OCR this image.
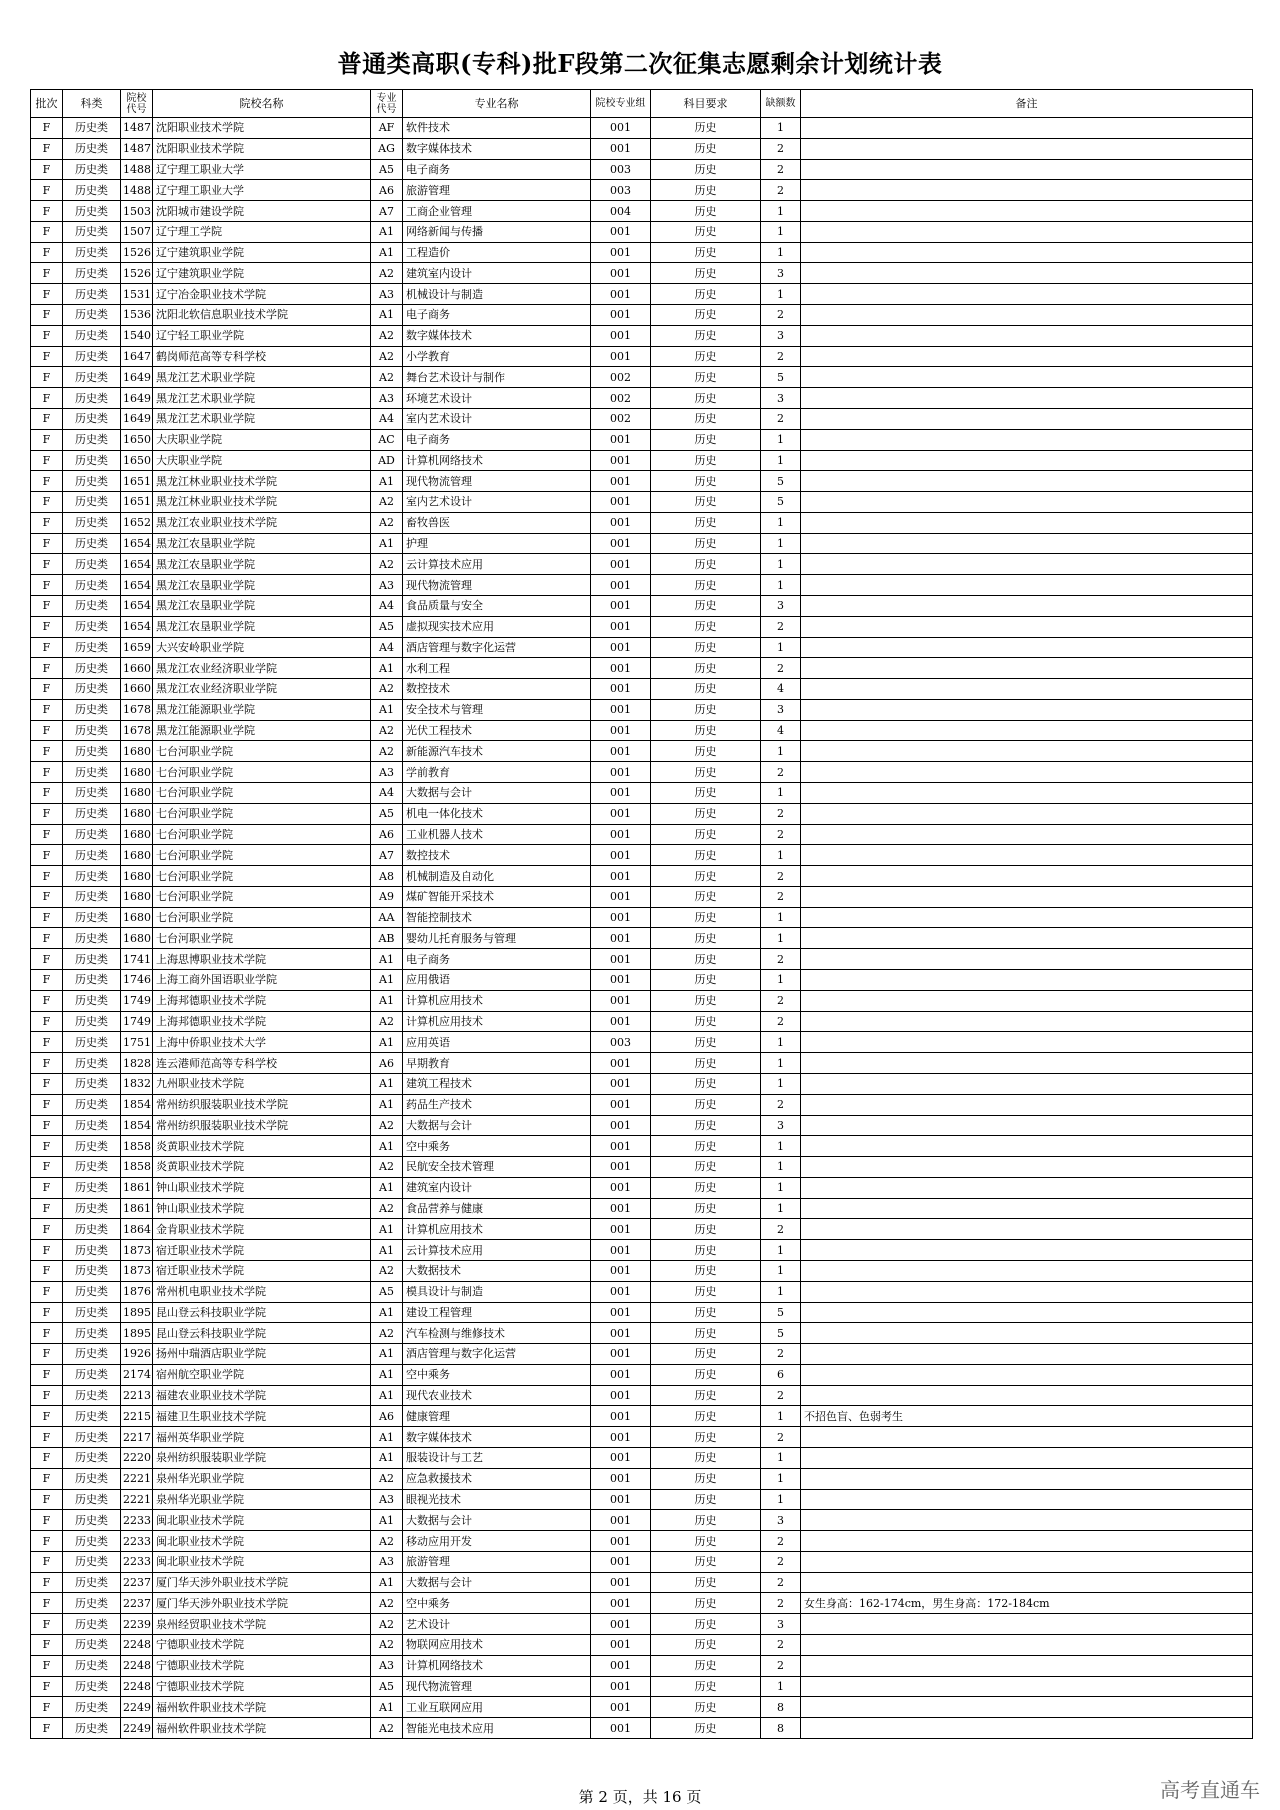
普通类高职(专科)批F段第二次征集志愿剩余计划统计表
批次	科类	院校代号	院校名称	专业代号	专业名称	院校专业组	科目要求	缺额数	备注
F	历史类	1487	沈阳职业技术学院	AF	软件技术	001	历史	1	
F	历史类	1487	沈阳职业技术学院	AG	数字媒体技术	001	历史	2	
F	历史类	1488	辽宁理工职业大学	A5	电子商务	003	历史	2	
F	历史类	1488	辽宁理工职业大学	A6	旅游管理	003	历史	2	
F	历史类	1503	沈阳城市建设学院	A7	工商企业管理	004	历史	1	
F	历史类	1507	辽宁理工学院	A1	网络新闻与传播	001	历史	1	
F	历史类	1526	辽宁建筑职业学院	A1	工程造价	001	历史	1	
F	历史类	1526	辽宁建筑职业学院	A2	建筑室内设计	001	历史	3	
F	历史类	1531	辽宁冶金职业技术学院	A3	机械设计与制造	001	历史	1	
F	历史类	1536	沈阳北软信息职业技术学院	A1	电子商务	001	历史	2	
F	历史类	1540	辽宁轻工职业学院	A2	数字媒体技术	001	历史	3	
F	历史类	1647	鹤岗师范高等专科学校	A2	小学教育	001	历史	2	
F	历史类	1649	黑龙江艺术职业学院	A2	舞台艺术设计与制作	002	历史	5	
F	历史类	1649	黑龙江艺术职业学院	A3	环境艺术设计	002	历史	3	
F	历史类	1649	黑龙江艺术职业学院	A4	室内艺术设计	002	历史	2	
F	历史类	1650	大庆职业学院	AC	电子商务	001	历史	1	
F	历史类	1650	大庆职业学院	AD	计算机网络技术	001	历史	1	
F	历史类	1651	黑龙江林业职业技术学院	A1	现代物流管理	001	历史	5	
F	历史类	1651	黑龙江林业职业技术学院	A2	室内艺术设计	001	历史	5	
F	历史类	1652	黑龙江农业职业技术学院	A2	畜牧兽医	001	历史	1	
F	历史类	1654	黑龙江农垦职业学院	A1	护理	001	历史	1	
F	历史类	1654	黑龙江农垦职业学院	A2	云计算技术应用	001	历史	1	
F	历史类	1654	黑龙江农垦职业学院	A3	现代物流管理	001	历史	1	
F	历史类	1654	黑龙江农垦职业学院	A4	食品质量与安全	001	历史	3	
F	历史类	1654	黑龙江农垦职业学院	A5	虚拟现实技术应用	001	历史	2	
F	历史类	1659	大兴安岭职业学院	A4	酒店管理与数字化运营	001	历史	1	
F	历史类	1660	黑龙江农业经济职业学院	A1	水利工程	001	历史	2	
F	历史类	1660	黑龙江农业经济职业学院	A2	数控技术	001	历史	4	
F	历史类	1678	黑龙江能源职业学院	A1	安全技术与管理	001	历史	3	
F	历史类	1678	黑龙江能源职业学院	A2	光伏工程技术	001	历史	4	
F	历史类	1680	七台河职业学院	A2	新能源汽车技术	001	历史	1	
F	历史类	1680	七台河职业学院	A3	学前教育	001	历史	2	
F	历史类	1680	七台河职业学院	A4	大数据与会计	001	历史	1	
F	历史类	1680	七台河职业学院	A5	机电一体化技术	001	历史	2	
F	历史类	1680	七台河职业学院	A6	工业机器人技术	001	历史	2	
F	历史类	1680	七台河职业学院	A7	数控技术	001	历史	1	
F	历史类	1680	七台河职业学院	A8	机械制造及自动化	001	历史	2	
F	历史类	1680	七台河职业学院	A9	煤矿智能开采技术	001	历史	2	
F	历史类	1680	七台河职业学院	AA	智能控制技术	001	历史	1	
F	历史类	1680	七台河职业学院	AB	婴幼儿托育服务与管理	001	历史	1	
F	历史类	1741	上海思博职业技术学院	A1	电子商务	001	历史	2	
F	历史类	1746	上海工商外国语职业学院	A1	应用俄语	001	历史	1	
F	历史类	1749	上海邦德职业技术学院	A1	计算机应用技术	001	历史	2	
F	历史类	1749	上海邦德职业技术学院	A2	计算机应用技术	001	历史	2	
F	历史类	1751	上海中侨职业技术大学	A1	应用英语	003	历史	1	
F	历史类	1828	连云港师范高等专科学校	A6	早期教育	001	历史	1	
F	历史类	1832	九州职业技术学院	A1	建筑工程技术	001	历史	1	
F	历史类	1854	常州纺织服装职业技术学院	A1	药品生产技术	001	历史	2	
F	历史类	1854	常州纺织服装职业技术学院	A2	大数据与会计	001	历史	3	
F	历史类	1858	炎黄职业技术学院	A1	空中乘务	001	历史	1	
F	历史类	1858	炎黄职业技术学院	A2	民航安全技术管理	001	历史	1	
F	历史类	1861	钟山职业技术学院	A1	建筑室内设计	001	历史	1	
F	历史类	1861	钟山职业技术学院	A2	食品营养与健康	001	历史	1	
F	历史类	1864	金肯职业技术学院	A1	计算机应用技术	001	历史	2	
F	历史类	1873	宿迁职业技术学院	A1	云计算技术应用	001	历史	1	
F	历史类	1873	宿迁职业技术学院	A2	大数据技术	001	历史	1	
F	历史类	1876	常州机电职业技术学院	A5	模具设计与制造	001	历史	1	
F	历史类	1895	昆山登云科技职业学院	A1	建设工程管理	001	历史	5	
F	历史类	1895	昆山登云科技职业学院	A2	汽车检测与维修技术	001	历史	5	
F	历史类	1926	扬州中瑞酒店职业学院	A1	酒店管理与数字化运营	001	历史	2	
F	历史类	2174	宿州航空职业学院	A1	空中乘务	001	历史	6	
F	历史类	2213	福建农业职业技术学院	A1	现代农业技术	001	历史	2	
F	历史类	2215	福建卫生职业技术学院	A6	健康管理	001	历史	1	不招色盲、色弱考生
F	历史类	2217	福州英华职业学院	A1	数字媒体技术	001	历史	2	
F	历史类	2220	泉州纺织服装职业学院	A1	服装设计与工艺	001	历史	1	
F	历史类	2221	泉州华光职业学院	A2	应急救援技术	001	历史	1	
F	历史类	2221	泉州华光职业学院	A3	眼视光技术	001	历史	1	
F	历史类	2233	闽北职业技术学院	A1	大数据与会计	001	历史	3	
F	历史类	2233	闽北职业技术学院	A2	移动应用开发	001	历史	2	
F	历史类	2233	闽北职业技术学院	A3	旅游管理	001	历史	2	
F	历史类	2237	厦门华天涉外职业技术学院	A1	大数据与会计	001	历史	2	
F	历史类	2237	厦门华天涉外职业技术学院	A2	空中乘务	001	历史	2	女生身高：162-174cm，男生身高：172-184cm
F	历史类	2239	泉州经贸职业技术学院	A2	艺术设计	001	历史	3	
F	历史类	2248	宁德职业技术学院	A2	物联网应用技术	001	历史	2	
F	历史类	2248	宁德职业技术学院	A3	计算机网络技术	001	历史	2	
F	历史类	2248	宁德职业技术学院	A5	现代物流管理	001	历史	1	
F	历史类	2249	福州软件职业技术学院	A1	工业互联网应用	001	历史	8	
F	历史类	2249	福州软件职业技术学院	A2	智能光电技术应用	001	历史	8	
第 2 页，共 16 页	高考直通车
